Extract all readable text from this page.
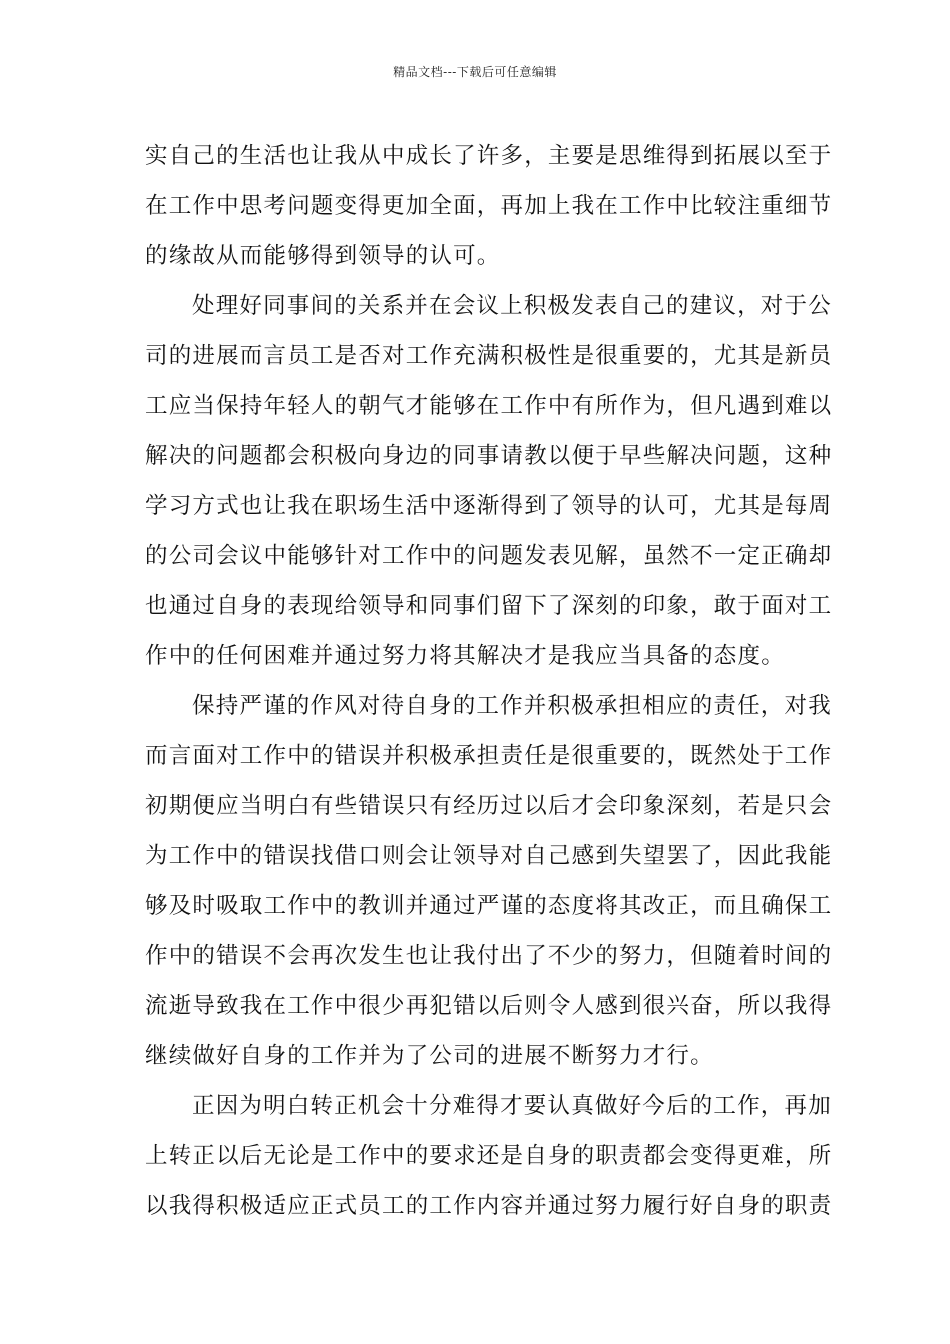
精品文档---下载后可任意编辑
实自己的生活也让我从中成长了许多，主要是思维得到拓展以至于
在工作中思考问题变得更加全面，再加上我在工作中比较注重细节
的缘故从而能够得到领导的认可。
处理好同事间的关系并在会议上积极发表自己的建议，对于公
司的进展而言员工是否对工作充满积极性是很重要的，尤其是新员
工应当保持年轻人的朝气才能够在工作中有所作为，但凡遇到难以
解决的问题都会积极向身边的同事请教以便于早些解决问题，这种
学习方式也让我在职场生活中逐渐得到了领导的认可，尤其是每周
的公司会议中能够针对工作中的问题发表见解，虽然不一定正确却
也通过自身的表现给领导和同事们留下了深刻的印象，敢于面对工
作中的任何困难并通过努力将其解决才是我应当具备的态度。
保持严谨的作风对待自身的工作并积极承担相应的责任，对我
而言面对工作中的错误并积极承担责任是很重要的，既然处于工作
初期便应当明白有些错误只有经历过以后才会印象深刻，若是只会
为工作中的错误找借口则会让领导对自己感到失望罢了，因此我能
够及时吸取工作中的教训并通过严谨的态度将其改正，而且确保工
作中的错误不会再次发生也让我付出了不少的努力，但随着时间的
流逝导致我在工作中很少再犯错以后则令人感到很兴奋，所以我得
继续做好自身的工作并为了公司的进展不断努力才行。
正因为明白转正机会十分难得才要认真做好今后的工作，再加
上转正以后无论是工作中的要求还是自身的职责都会变得更难，所
以我得积极适应正式员工的工作内容并通过努力履行好自身的职责
